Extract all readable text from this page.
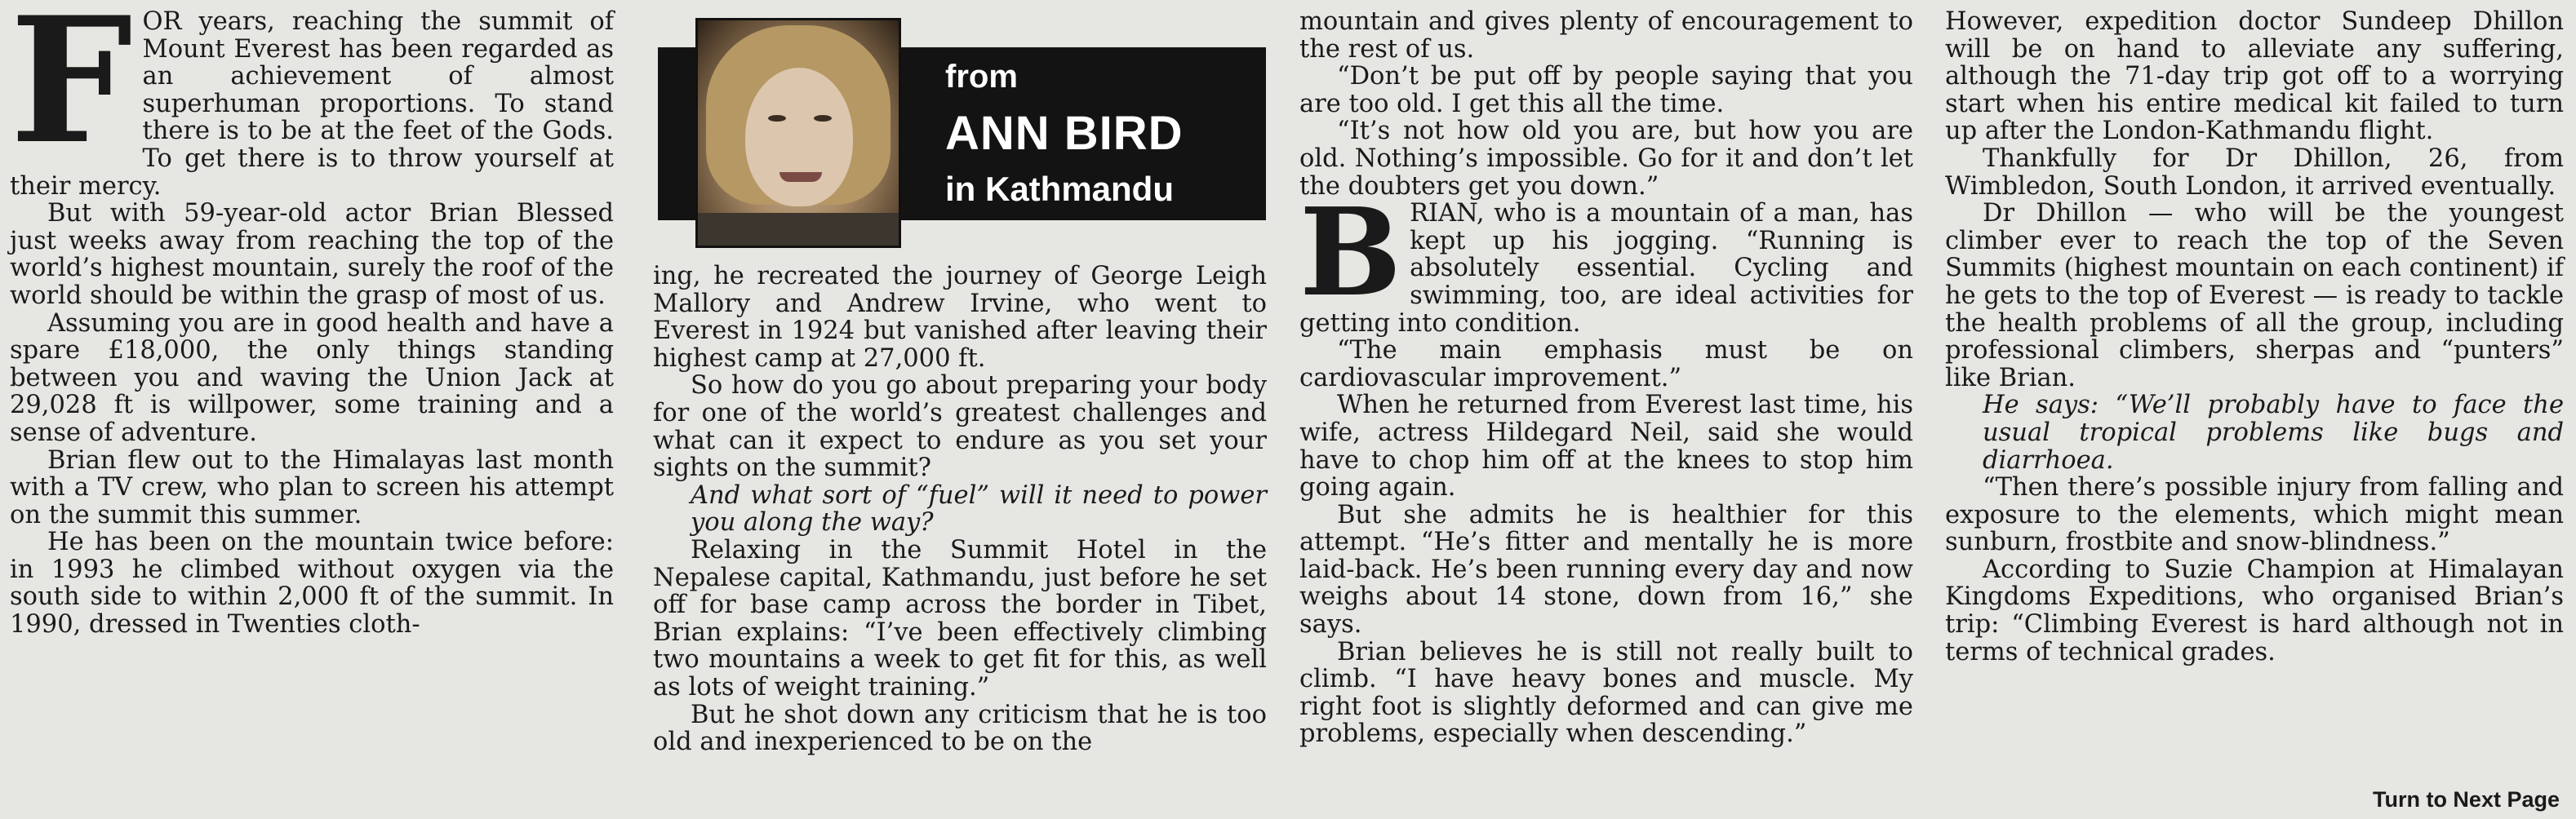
FOR years, reaching the summit of Mount Everest has been regarded as an achievement of almost superhuman proportions. To stand there is to be at the feet of the Gods. To get there is to throw yourself at their mercy.

But with 59-year-old actor Brian Blessed just weeks away from reaching the top of the world’s highest mountain, surely the roof of the world should be within the grasp of most of us.

Assuming you are in good health and have a spare £18,000, the only things standing between you and waving the Union Jack at 29,028 ft is willpower, some training and a sense of adventure.

Brian flew out to the Himalayas last month with a TV crew, who plan to screen his attempt on the summit this summer.

He has been on the mountain twice before: in 1993 he climbed without oxygen via the south side to within 2,000 ft of the summit. In 1990, dressed in Twenties cloth-

from
ANN BIRD
in Kathmandu

ing, he recreated the journey of George Leigh Mallory and Andrew Irvine, who went to Everest in 1924 but vanished after leaving their highest camp at 27,000 ft.

So how do you go about preparing your body for one of the world’s greatest challenges and what can it expect to endure as you set your sights on the summit?

And what sort of “fuel” will it need to power you along the way?

Relaxing in the Summit Hotel in the Nepalese capital, Kathmandu, just before he set off for base camp across the border in Tibet, Brian explains: “I’ve been effectively climbing two mountains a week to get fit for this, as well as lots of weight training.”

But he shot down any criticism that he is too old and inexperienced to be on the

mountain and gives plenty of encouragement to the rest of us.

“Don’t be put off by people saying that you are too old. I get this all the time.

“It’s not how old you are, but how you are old. Nothing’s impossible. Go for it and don’t let the doubters get you down.”

BRIAN, who is a mountain of a man, has kept up his jogging. “Running is absolutely essential. Cycling and swimming, too, are ideal activities for getting into condition.

“The main emphasis must be on cardiovascular improvement.”

When he returned from Everest last time, his wife, actress Hildegard Neil, said she would have to chop him off at the knees to stop him going again.

But she admits he is healthier for this attempt. “He’s fitter and mentally he is more laid-back. He’s been running every day and now weighs about 14 stone, down from 16,” she says.

Brian believes he is still not really built to climb. “I have heavy bones and muscle. My right foot is slightly deformed and can give me problems, especially when descending.”

However, expedition doctor Sundeep Dhillon will be on hand to alleviate any suffering, although the 71-day trip got off to a worrying start when his entire medical kit failed to turn up after the London-Kathmandu flight.

Thankfully for Dr Dhillon, 26, from Wimbledon, South London, it arrived eventually.

Dr Dhillon — who will be the youngest climber ever to reach the top of the Seven Summits (highest mountain on each continent) if he gets to the top of Everest — is ready to tackle the health problems of all the group, including professional climbers, sherpas and “punters” like Brian.

He says: “We’ll probably have to face the usual tropical problems like bugs and diarrhoea.

“Then there’s possible injury from falling and exposure to the elements, which might mean sunburn, frostbite and snow-blindness.”

According to Suzie Champion at Himalayan Kingdoms Expeditions, who organised Brian’s trip: “Climbing Everest is hard although not in terms of technical grades.

Turn to Next Page
